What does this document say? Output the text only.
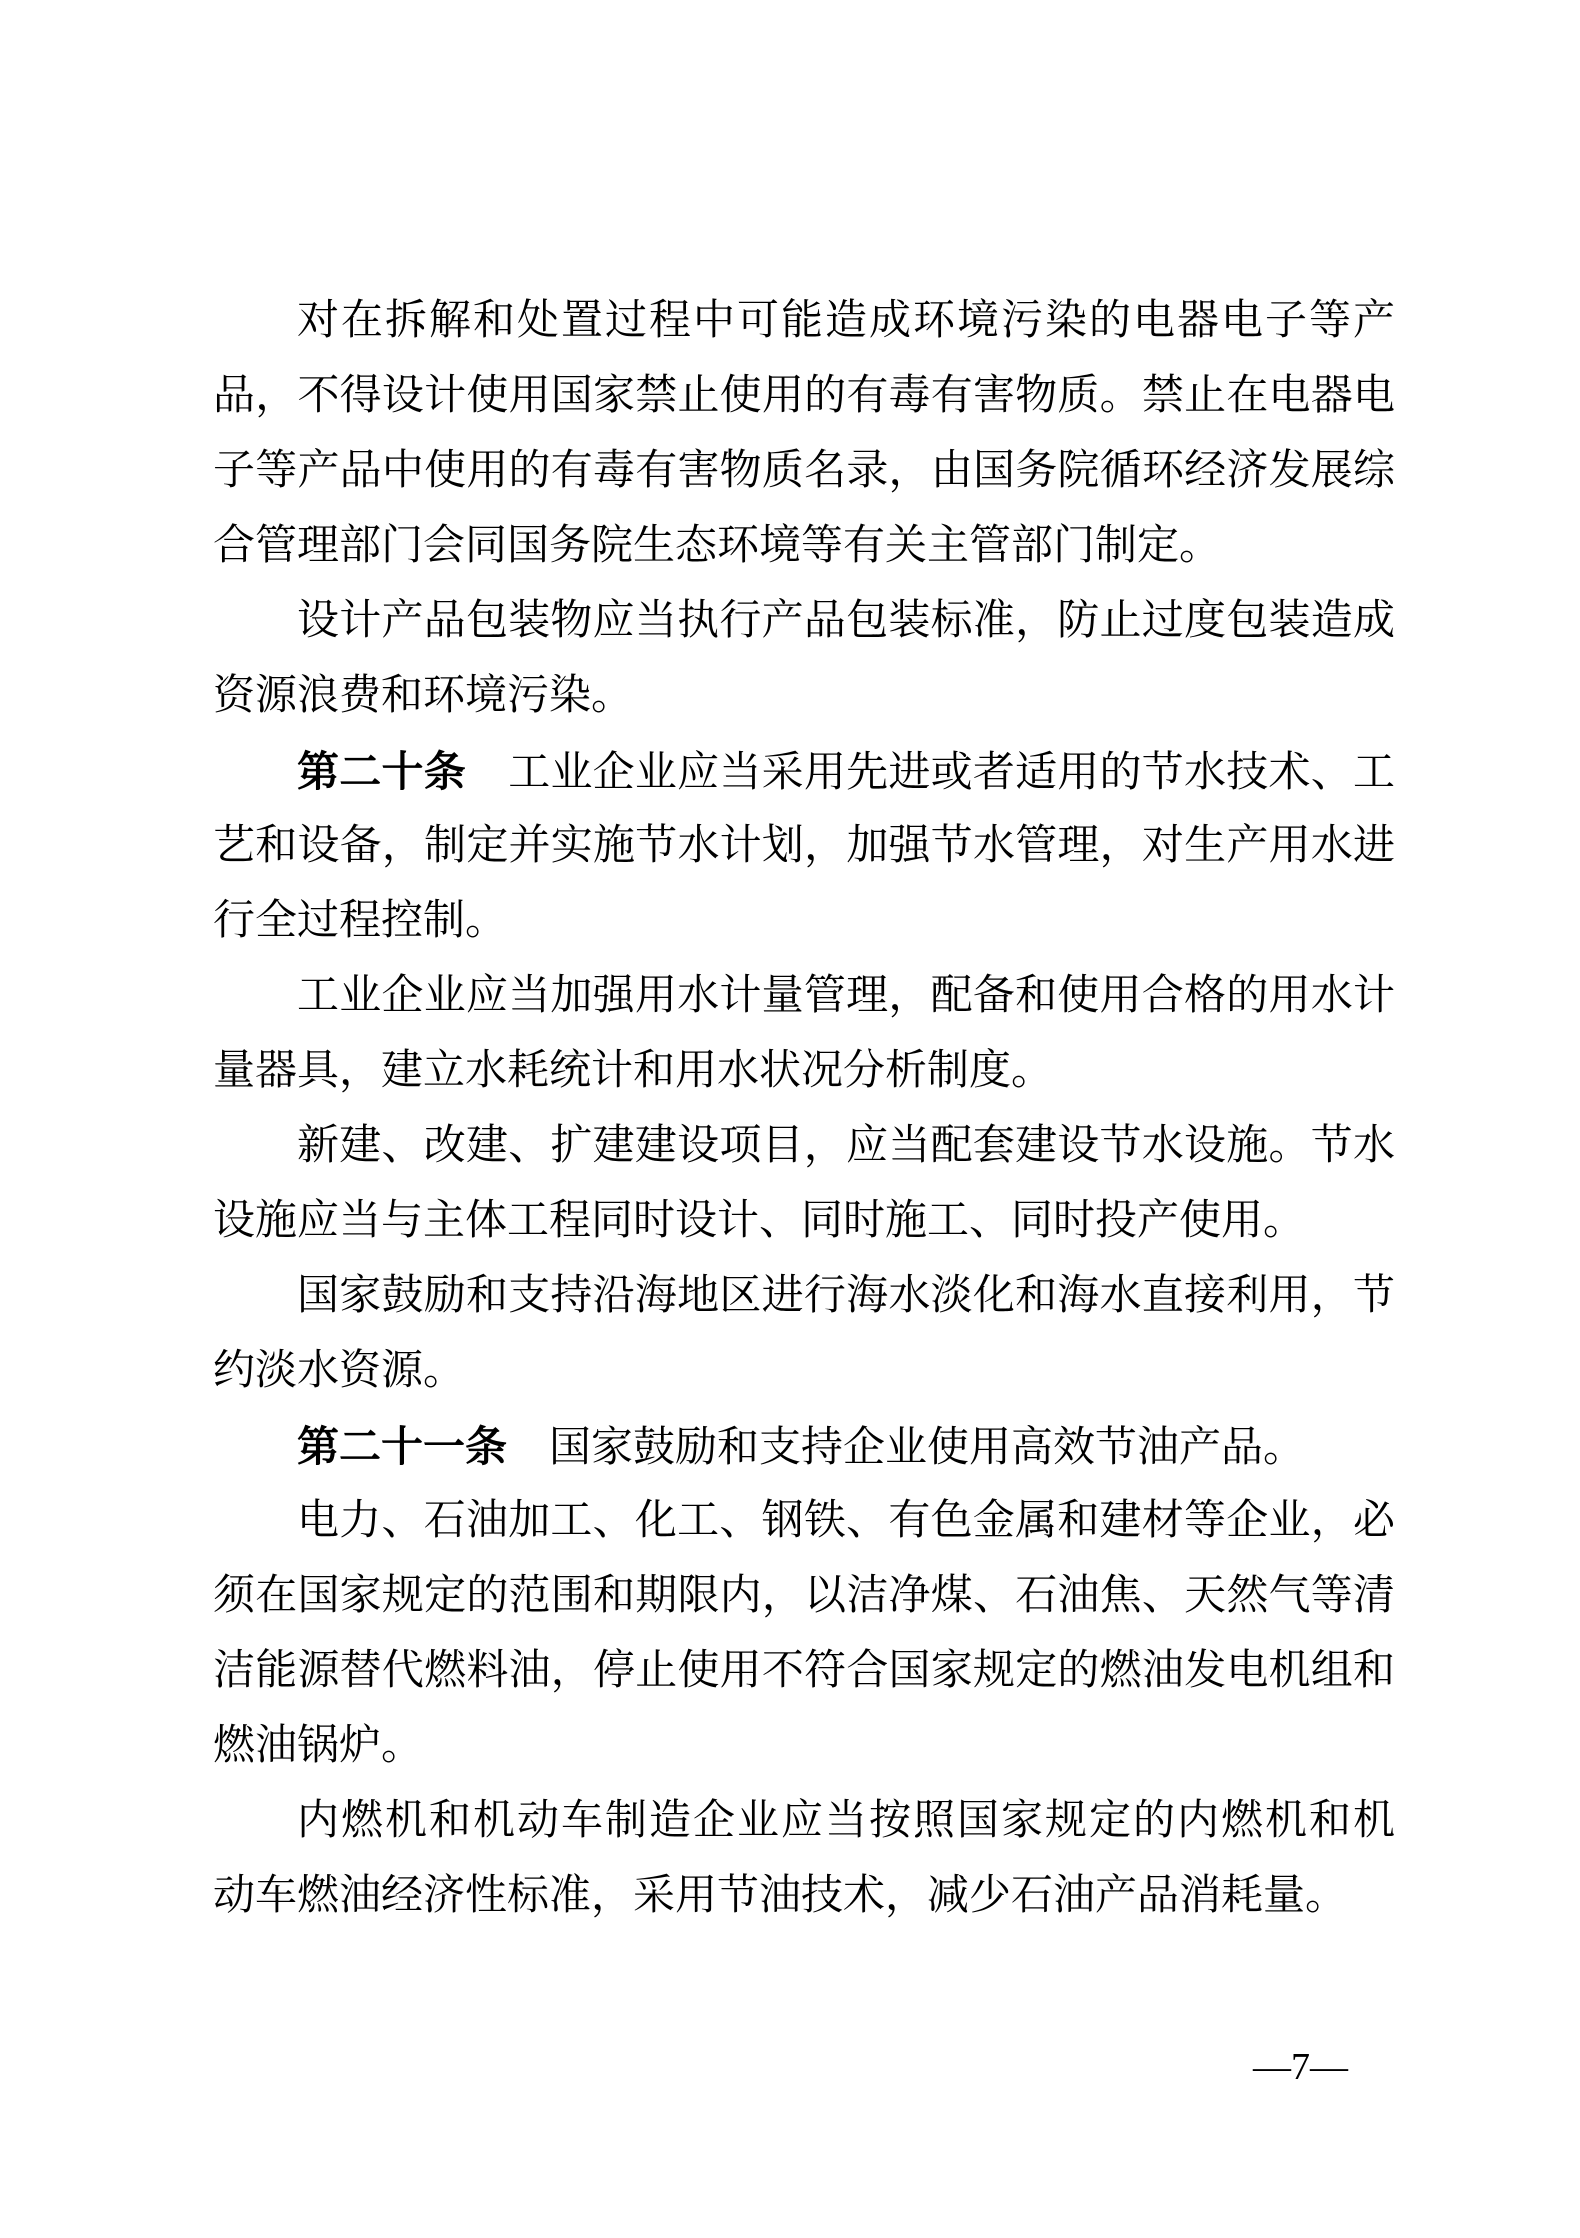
对在拆解和处置过程中可能造成环境污染的电器电子等产
品，不得设计使用国家禁止使用的有毒有害物质。禁止在电器电
子等产品中使用的有毒有害物质名录，由国务院循环经济发展综
合管理部门会同国务院生态环境等有关主管部门制定。
设计产品包装物应当执行产品包装标准，防止过度包装造成
资源浪费和环境污染。
第二十条　工业企业应当采用先进或者适用的节水技术、工
艺和设备，制定并实施节水计划，加强节水管理，对生产用水进
行全过程控制。
工业企业应当加强用水计量管理，配备和使用合格的用水计
量器具，建立水耗统计和用水状况分析制度。
新建、改建、扩建建设项目，应当配套建设节水设施。节水
设施应当与主体工程同时设计、同时施工、同时投产使用。
国家鼓励和支持沿海地区进行海水淡化和海水直接利用，节
约淡水资源。
第二十一条　国家鼓励和支持企业使用高效节油产品。
电力、石油加工、化工、钢铁、有色金属和建材等企业，必
须在国家规定的范围和期限内，以洁净煤、石油焦、天然气等清
洁能源替代燃料油，停止使用不符合国家规定的燃油发电机组和
燃油锅炉。
内燃机和机动车制造企业应当按照国家规定的内燃机和机
动车燃油经济性标准，采用节油技术，减少石油产品消耗量。
—7—
